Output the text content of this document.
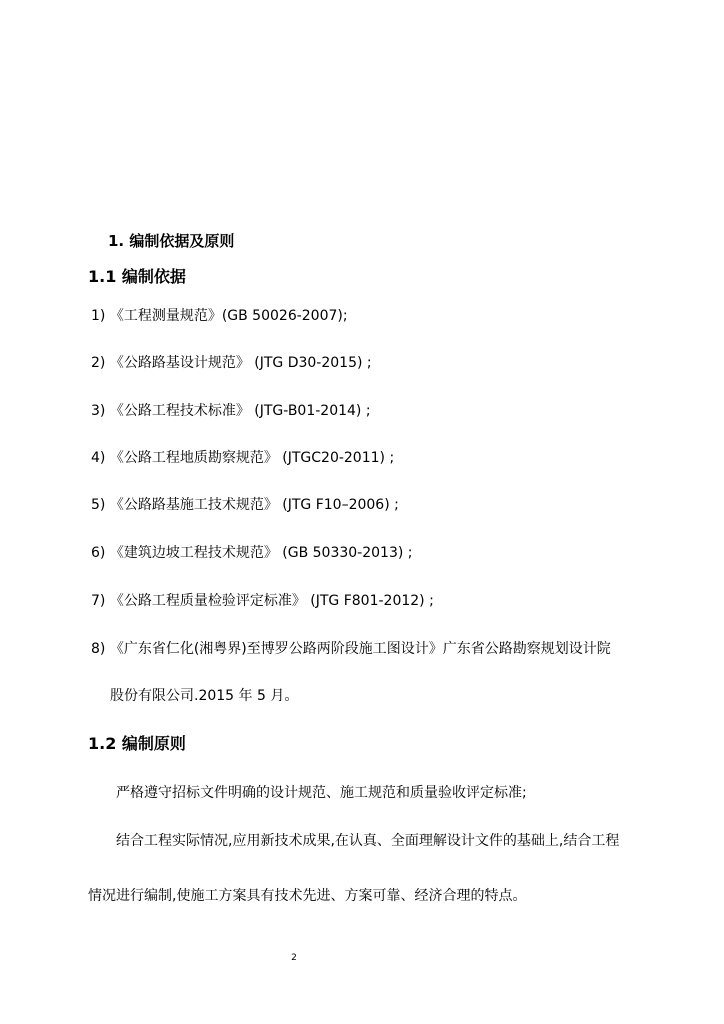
1. 编制依据及原则
1.1 编制依据
1) 《工程测量规范》(GB 50026-2007);
2) 《公路路基设计规范》 (JTG D30-2015) ;
3) 《公路工程技术标准》 (JTG-B01-2014) ;
4) 《公路工程地质勘察规范》 (JTGC20-2011) ;
5) 《公路路基施工技术规范》 (JTG F10–2006) ;
6) 《建筑边坡工程技术规范》 (GB 50330-2013) ;
7) 《公路工程质量检验评定标准》 (JTG F801-2012) ;
8) 《广东省仁化(湘粤界)至博罗公路两阶段施工图设计》广东省公路勘察规划设计院
股份有限公司.2015 年 5 月。
1.2 编制原则
严格遵守招标文件明确的设计规范、施工规范和质量验收评定标准;
结合工程实际情况,应用新技术成果,在认真、全面理解设计文件的基础上,结合工程
情况进行编制,使施工方案具有技术先进、方案可靠、经济合理的特点。
2
